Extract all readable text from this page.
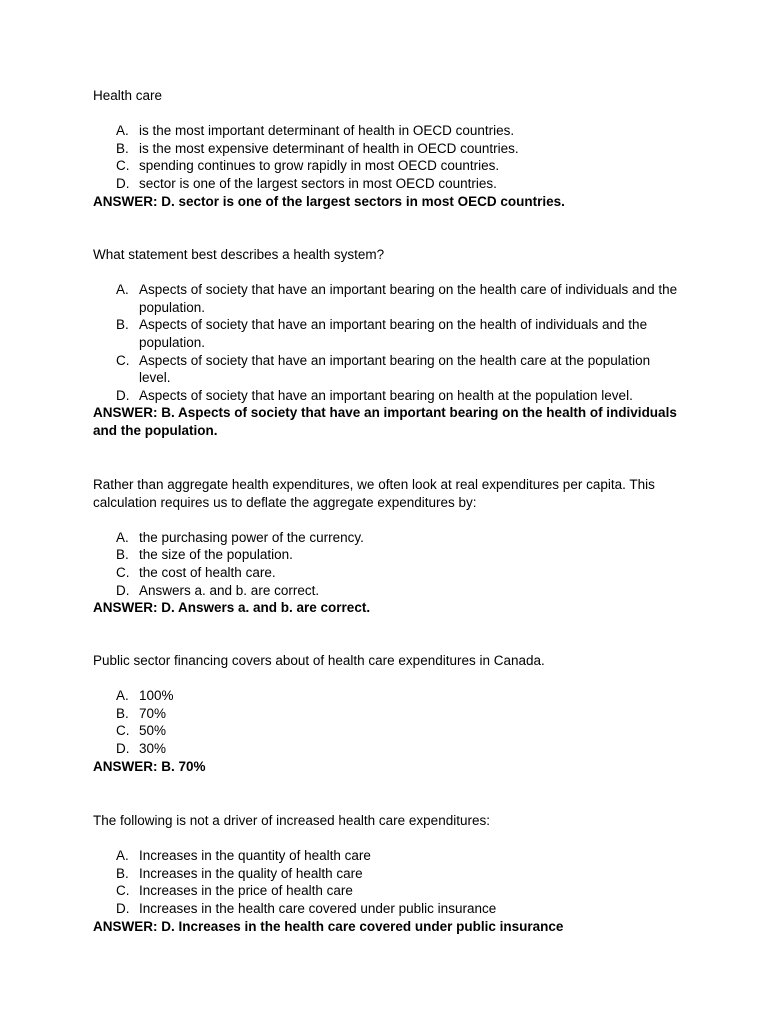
Health care

A. is the most important determinant of health in OECD countries.
B. is the most expensive determinant of health in OECD countries.
C. spending continues to grow rapidly in most OECD countries.
D. sector is one of the largest sectors in most OECD countries.

ANSWER: D. sector is one of the largest sectors in most OECD countries.

What statement best describes a health system?

A. Aspects of society that have an important bearing on the health care of individuals and the population.
B. Aspects of society that have an important bearing on the health of individuals and the population.
C. Aspects of society that have an important bearing on the health care at the population level.
D. Aspects of society that have an important bearing on health at the population level.

ANSWER: B. Aspects of society that have an important bearing on the health of individuals and the population.

Rather than aggregate health expenditures, we often look at real expenditures per capita. This calculation requires us to deflate the aggregate expenditures by:

A. the purchasing power of the currency.
B. the size of the population.
C. the cost of health care.
D. Answers a. and b. are correct.

ANSWER: D. Answers a. and b. are correct.

Public sector financing covers about of health care expenditures in Canada.

A. 100%
B. 70%
C. 50%
D. 30%

ANSWER: B. 70%

The following is not a driver of increased health care expenditures:

A. Increases in the quantity of health care
B. Increases in the quality of health care
C. Increases in the price of health care
D. Increases in the health care covered under public insurance

ANSWER: D. Increases in the health care covered under public insurance
